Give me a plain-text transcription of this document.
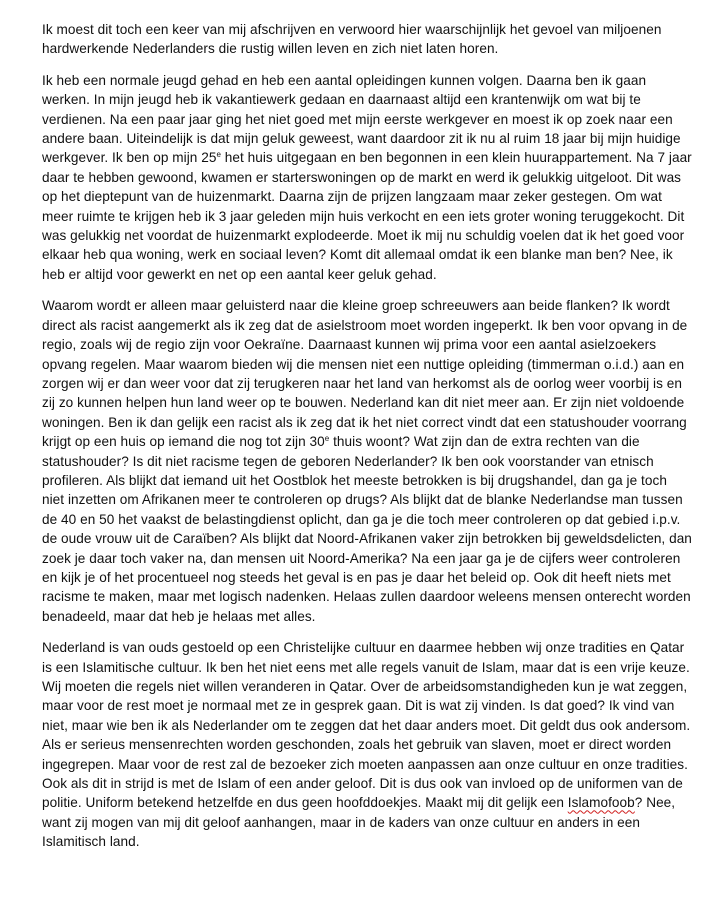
Ik moest dit toch een keer van mij afschrijven en verwoord hier waarschijnlijk het gevoel van miljoenen hardwerkende Nederlanders die rustig willen leven en zich niet laten horen.

Ik heb een normale jeugd gehad en heb een aantal opleidingen kunnen volgen. Daarna ben ik gaan werken. In mijn jeugd heb ik vakantiewerk gedaan en daarnaast altijd een krantenwijk om wat bij te verdienen. Na een paar jaar ging het niet goed met mijn eerste werkgever en moest ik op zoek naar een andere baan. Uiteindelijk is dat mijn geluk geweest, want daardoor zit ik nu al ruim 18 jaar bij mijn huidige werkgever. Ik ben op mijn 25e het huis uitgegaan en ben begonnen in een klein huurappartement. Na 7 jaar daar te hebben gewoond, kwamen er starterswoningen op de markt en werd ik gelukkig uitgeloot. Dit was op het dieptepunt van de huizenmarkt. Daarna zijn de prijzen langzaam maar zeker gestegen. Om wat meer ruimte te krijgen heb ik 3 jaar geleden mijn huis verkocht en een iets groter woning teruggekocht. Dit was gelukkig net voordat de huizenmarkt explodeerde. Moet ik mij nu schuldig voelen dat ik het goed voor elkaar heb qua woning, werk en sociaal leven? Komt dit allemaal omdat ik een blanke man ben? Nee, ik heb er altijd voor gewerkt en net op een aantal keer geluk gehad.

Waarom wordt er alleen maar geluisterd naar die kleine groep schreeuwers aan beide flanken? Ik wordt direct als racist aangemerkt als ik zeg dat de asielstroom moet worden ingeperkt. Ik ben voor opvang in de regio, zoals wij de regio zijn voor Oekraïne. Daarnaast kunnen wij prima voor een aantal asielzoekers opvang regelen. Maar waarom bieden wij die mensen niet een nuttige opleiding (timmerman o.i.d.) aan en zorgen wij er dan weer voor dat zij terugkeren naar het land van herkomst als de oorlog weer voorbij is en zij zo kunnen helpen hun land weer op te bouwen. Nederland kan dit niet meer aan. Er zijn niet voldoende woningen. Ben ik dan gelijk een racist als ik zeg dat ik het niet correct vindt dat een statushouder voorrang krijgt op een huis op iemand die nog tot zijn 30e thuis woont? Wat zijn dan de extra rechten van die statushouder? Is dit niet racisme tegen de geboren Nederlander? Ik ben ook voorstander van etnisch profileren. Als blijkt dat iemand uit het Oostblok het meeste betrokken is bij drugshandel, dan ga je toch niet inzetten om Afrikanen meer te controleren op drugs? Als blijkt dat de blanke Nederlandse man tussen de 40 en 50 het vaakst de belastingdienst oplicht, dan ga je die toch meer controleren op dat gebied i.p.v. de oude vrouw uit de Caraïben? Als blijkt dat Noord-Afrikanen vaker zijn betrokken bij geweldsdelicten, dan zoek je daar toch vaker na, dan mensen uit Noord-Amerika? Na een jaar ga je de cijfers weer controleren en kijk je of het procentueel nog steeds het geval is en pas je daar het beleid op. Ook dit heeft niets met racisme te maken, maar met logisch nadenken. Helaas zullen daardoor weleens mensen onterecht worden benadeeld, maar dat heb je helaas met alles.

Nederland is van ouds gestoeld op een Christelijke cultuur en daarmee hebben wij onze tradities en Qatar is een Islamitische cultuur. Ik ben het niet eens met alle regels vanuit de Islam, maar dat is een vrije keuze. Wij moeten die regels niet willen veranderen in Qatar. Over de arbeidsomstandigheden kun je wat zeggen, maar voor de rest moet je normaal met ze in gesprek gaan. Dit is wat zij vinden. Is dat goed? Ik vind van niet, maar wie ben ik als Nederlander om te zeggen dat het daar anders moet. Dit geldt dus ook andersom. Als er serieus mensenrechten worden geschonden, zoals het gebruik van slaven, moet er direct worden ingegrepen. Maar voor de rest zal de bezoeker zich moeten aanpassen aan onze cultuur en onze tradities. Ook als dit in strijd is met de Islam of een ander geloof. Dit is dus ook van invloed op de uniformen van de politie. Uniform betekend hetzelfde en dus geen hoofddoekjes. Maakt mij dit gelijk een Islamofoob? Nee, want zij mogen van mij dit geloof aanhangen, maar in de kaders van onze cultuur en anders in een Islamitisch land.
